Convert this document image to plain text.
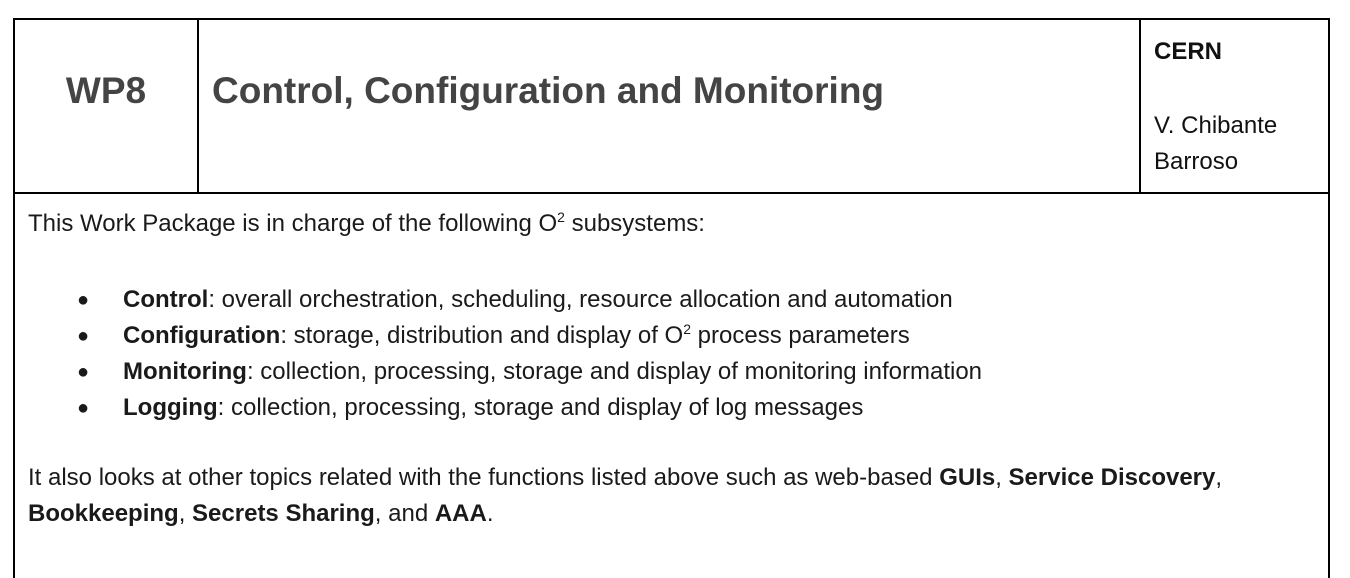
WP8	Control, Configuration and Monitoring
CERN
V. Chibante Barroso
This Work Package is in charge of the following $O^2$ subsystems:
● Control: overall orchestration, scheduling, resource allocation and automation
● Configuration: storage, distribution and display of $O^2$ process parameters
● Monitoring: collection, processing, storage and display of monitoring information
● Logging: collection, processing, storage and display of log messages
It also looks at other topics related with the functions listed above such as web-based GUIs, Service Discovery, Bookkeeping, Secrets Sharing, and AAA.
